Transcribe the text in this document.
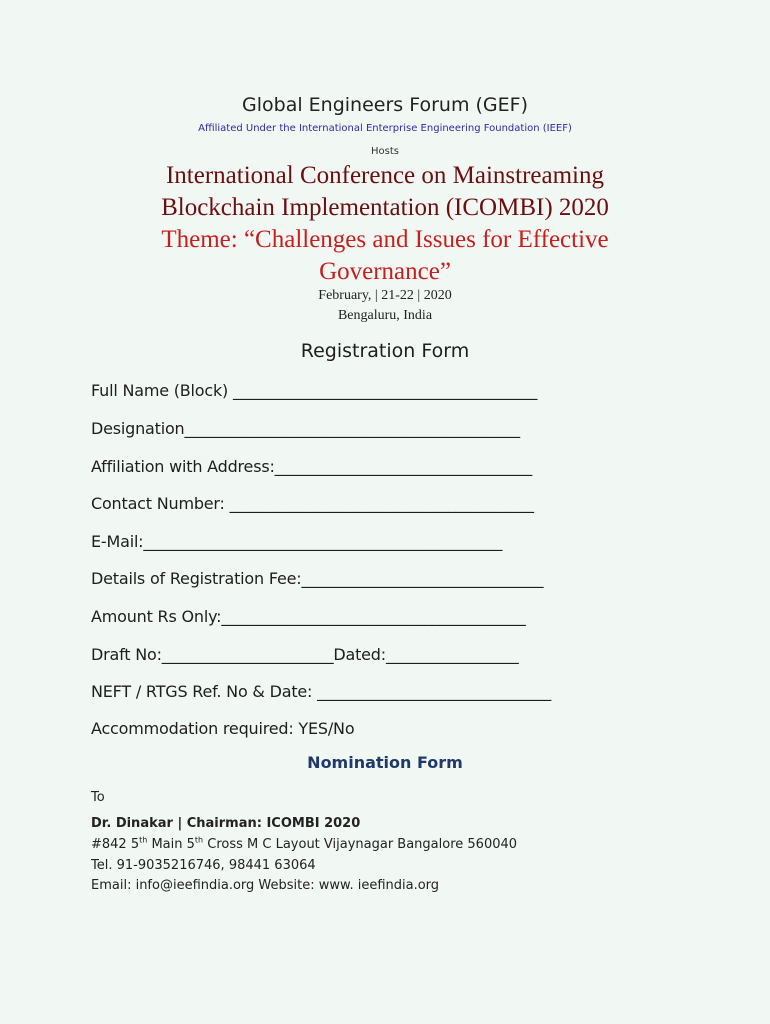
Global Engineers Forum (GEF)
Affiliated Under the International Enterprise Engineering Foundation (IEEF)
Hosts
International Conference on Mainstreaming
Blockchain Implementation (ICOMBI) 2020
Theme: “Challenges and Issues for Effective
Governance”
February, | 21-22 | 2020
Bengaluru, India
Registration Form
Full Name (Block) _______________________________________
Designation___________________________________________
Affiliation with Address:_________________________________
Contact Number: _______________________________________
E-Mail:______________________________________________
Details of Registration Fee:_______________________________
Amount Rs Only:_______________________________________
Draft No:______________________Dated:_________________
NEFT / RTGS Ref. No & Date: ______________________________
Accommodation required: YES/No
Nomination Form
To
Dr. Dinakar | Chairman: ICOMBI 2020
#842 5th Main 5th Cross M C Layout Vijaynagar Bangalore 560040
Tel. 91-9035216746, 98441 63064
Email: info@ieefindia.org Website: www. ieefindia.org
